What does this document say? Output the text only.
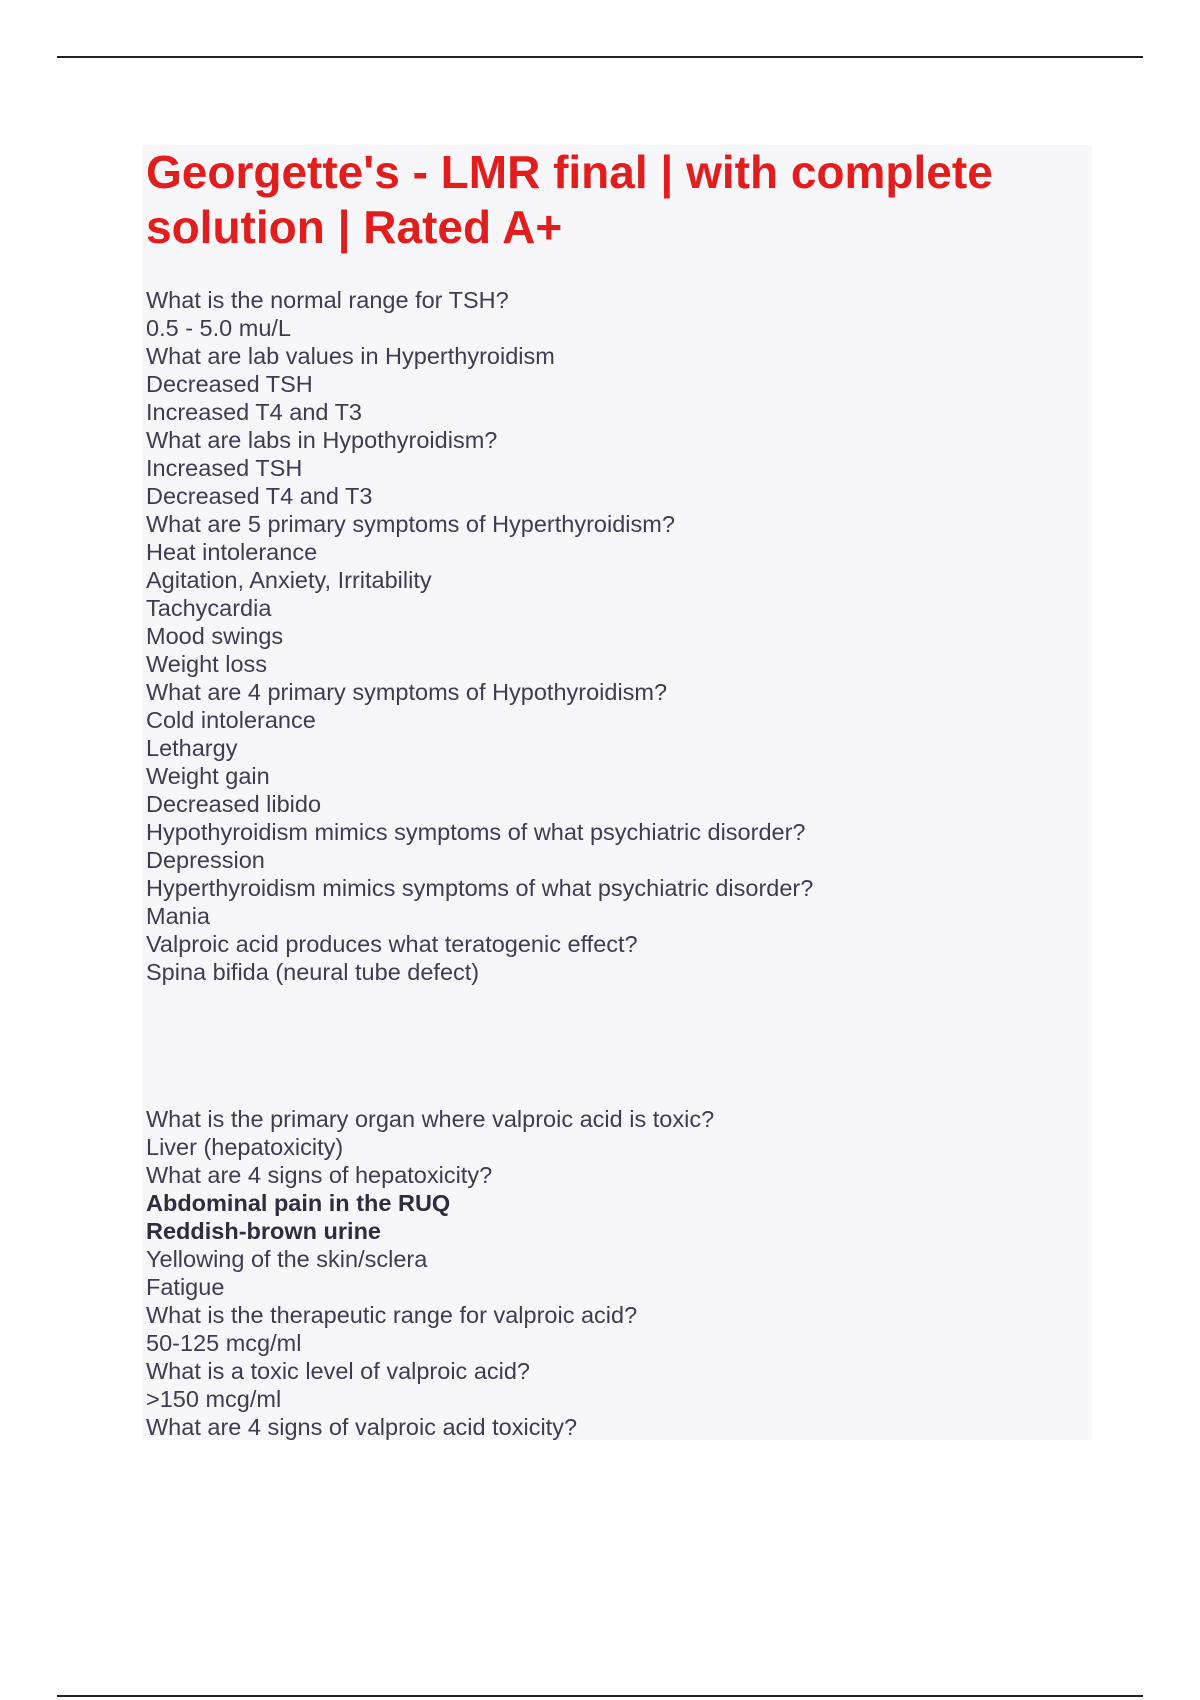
Georgette's - LMR final | with complete solution | Rated A+
What is the normal range for TSH?
0.5 - 5.0 mu/L
What are lab values in Hyperthyroidism
Decreased TSH
Increased T4 and T3
What are labs in Hypothyroidism?
Increased TSH
Decreased T4 and T3
What are 5 primary symptoms of Hyperthyroidism?
Heat intolerance
Agitation, Anxiety, Irritability
Tachycardia
Mood swings
Weight loss
What are 4 primary symptoms of Hypothyroidism?
Cold intolerance
Lethargy
Weight gain
Decreased libido
Hypothyroidism mimics symptoms of what psychiatric disorder?
Depression
Hyperthyroidism mimics symptoms of what psychiatric disorder?
Mania
Valproic acid produces what teratogenic effect?
Spina bifida (neural tube defect)
What is the primary organ where valproic acid is toxic?
Liver (hepatoxicity)
What are 4 signs of hepatoxicity?
Abdominal pain in the RUQ
Reddish-brown urine
Yellowing of the skin/sclera
Fatigue
What is the therapeutic range for valproic acid?
50-125 mcg/ml
What is a toxic level of valproic acid?
>150 mcg/ml
What are 4 signs of valproic acid toxicity?
